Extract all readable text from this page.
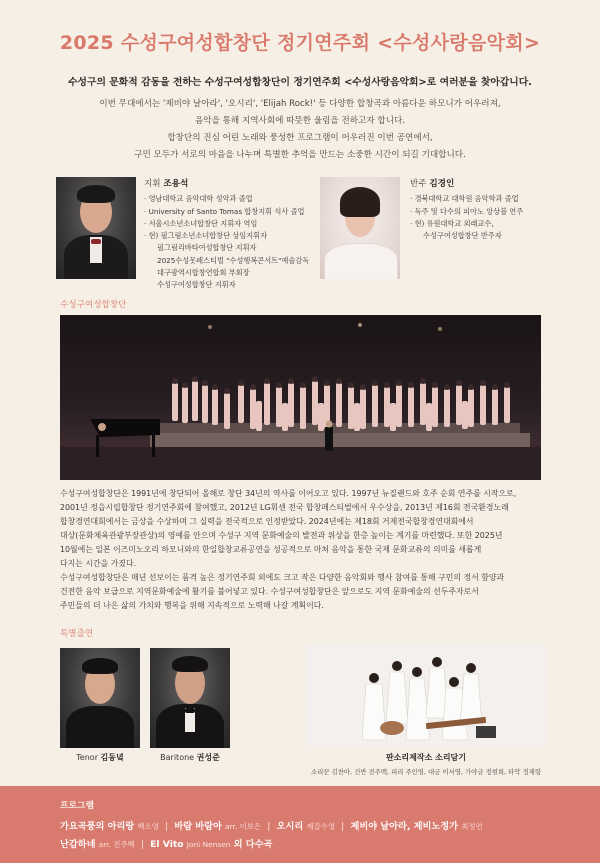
2025 수성구여성합창단 정기연주회 <수성사랑음악회>
수성구의 문화적 감동을 전하는 수성구여성합창단이 정기연주회 <수성사랑음악회>로 여러분을 찾아갑니다.
이번 무대에서는 '제비야 날아라', '오시리', 'Elijah Rock!' 등 다양한 합창곡과 아름다운 하모니가 어우러져,
음악을 통해 지역사회에 따뜻한 울림을 전하고자 합니다.
합창단의 진심 어린 노래와 풍성한 프로그램이 어우러진 이번 공연에서,
구민 모두가 서로의 마음을 나누며 특별한 추억을 만드는 소중한 시간이 되길 기대합니다.
지휘 조용석
· 영남대학교 음악대학 성악과 졸업
· University of Santo Tomas 합창지휘 석사 졸업
· 서울시소년소녀합창단 지휘자 역임
· 현) 필그림소년소녀합창단 상임지휘자
필그림리바타여성합창단 지휘자
2025수성못페스티벌 "수성행복콘서트"예술감독
대구광역시합창연합회 부회장
수성구여성합창단 지휘자
반주 김경인
· 경북대학교 대학원 음악학과 졸업
· 독주 및 다수의 피아노 앙상블 연주
· 현) 유원대학교 외래교수,
수성구여성합창단 반주자
수성구여성합창단
수성구여성합창단은 1991년에 창단되어 올해로 창단 34년의 역사를 이어오고 있다. 1997년 뉴질랜드와 호주 순회 연주를 시작으로,
2001년 정읍시립합창단 정기연주회에 참여했고, 2012년 LG휘센 전국 합창페스티벌에서 우수상을, 2013년 제16회 전국환경노래
합창경연대회에서는 금상을 수상하며 그 실력을 전국적으로 인정받았다. 2024년에는 제18회 거제전국합창경연대회에서
대상(문화체육관광부장관상)의 영예를 안으며 수성구 지역 문화예술의 발전과 위상을 한층 높이는 계기를 마련했다. 또한 2025년
10월에는 일본 이즈미노오리 하모니와의 한일합창교류공연을 성공적으로 마쳐 음악을 통한 국제 문화교류의 의미를 새롭게
다지는 시간을 가졌다.
수성구여성합창단은 매년 선보이는 품격 높은 정기연주회 외에도 크고 작은 다양한 음악회와 행사 참여를 통해 구민의 정서 함양과
건전한 음악 보급으로 지역문화예술에 활기를 불어넣고 있다. 수성구여성합창단은 앞으로도 지역 문화예술의 선두주자로서
주민들의 더 나은 삶의 가치와 행복을 위해 지속적으로 노력해 나갈 계획이다.
특별출연
Tenor 김동녘	Baritone 권성준	판소리제작소 소리담기
소리꾼 김찬아, 건반 전주백, 피리 주인영, 대금 이서영, 가야금 정현희, 타악 정재령
프로그램
가요곡풍의 아리랑 백소영 | 바람 바람아 arr. 이보은 | 오시리 제갈수영 | 제비야 날아라, 제비노정가 최정연
난감하네 arr. 진주백 | El Vito Joni Nensen 외 다수곡
